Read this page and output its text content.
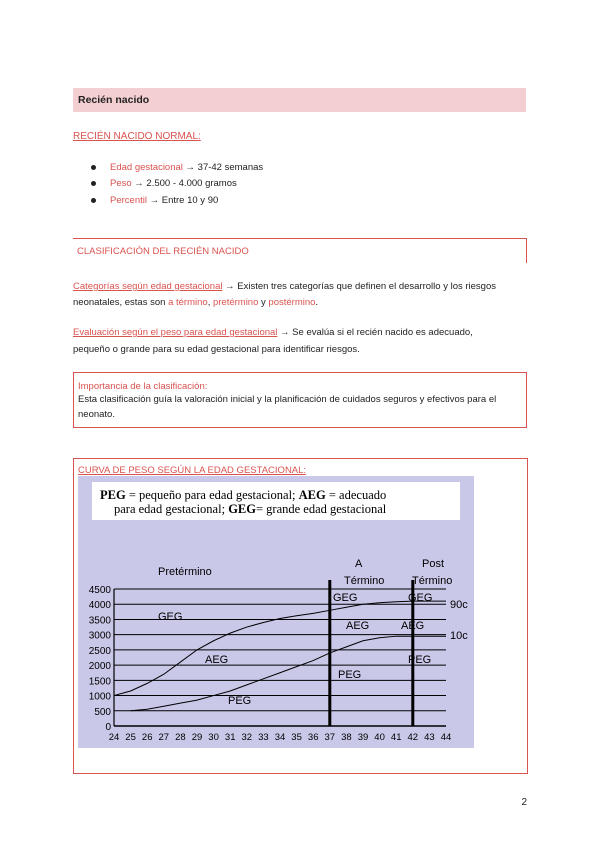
Recién nacido
RECIÉN NACIDO NORMAL:
Edad gestacional → 37-42 semanas
Peso → 2.500 - 4.000 gramos
Percentil → Entre 10 y 90
CLASIFICACIÓN DEL RECIÉN NACIDO
Categorías según edad gestacional → Existen tres categorías que definen el desarrollo y los riesgos
neonatales, estas son a término, pretérmino y postérmino.
Evaluación según el peso para edad gestacional → Se evalúa si el recién nacido es adecuado,
pequeño o grande para su edad gestacional para identificar riesgos.
Importancia de la clasificación:
Esta clasificación guía la valoración inicial y la planificación de cuidados seguros y efectivos para el
neonato.
CURVA DE PESO SEGÚN LA EDAD GESTACIONAL:
PEG = pequeño para edad gestacional; AEG = adecuado
para edad gestacional; GEG= grande edad gestacional
0
500
1000
1500
2000
2500
3000
3500
4000
4500
24 25 26 27 28 29 30 31 32 33 34 35 36 37 38 39 40 41 42 43 44
Pretérmino
A
Término
Post
Término
GEG
AEG
PEG
GEG
AEG
PEG
AEG
GEG
PEG
90c
10c
2
